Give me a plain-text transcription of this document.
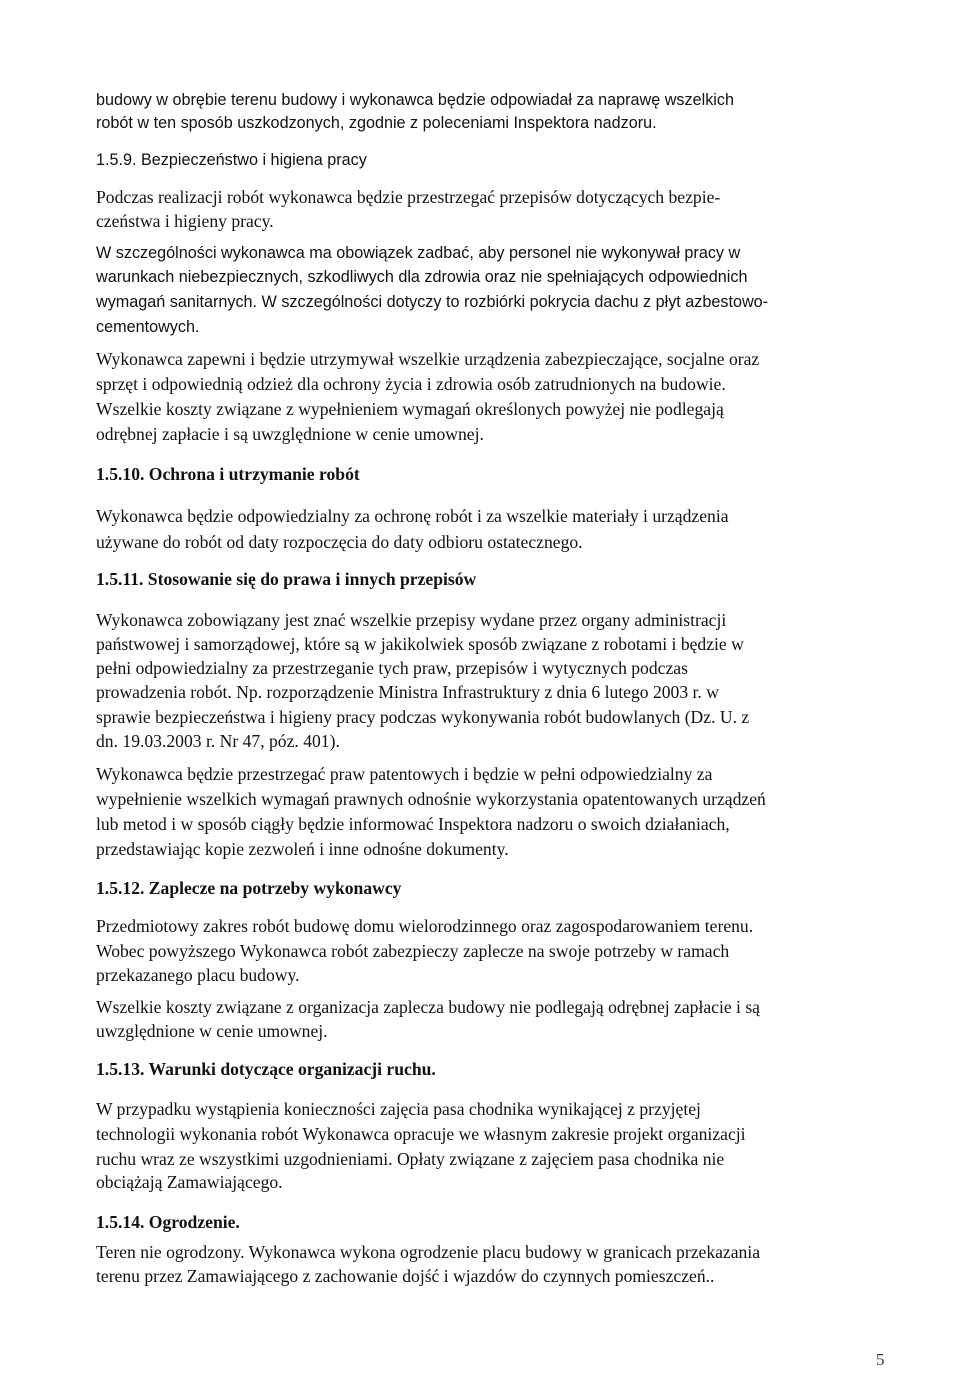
budowy w obrębie terenu budowy i wykonawca będzie odpowiadał za naprawę wszelkich
robót w ten sposób uszkodzonych, zgodnie z poleceniami Inspektora nadzoru.
1.5.9. Bezpieczeństwo i higiena pracy
Podczas realizacji robót wykonawca będzie przestrzegać przepisów dotyczących bezpie-
czeństwa i higieny pracy.
W szczególności wykonawca ma obowiązek zadbać, aby personel nie wykonywał pracy w
warunkach niebezpiecznych, szkodliwych dla zdrowia oraz nie spełniających odpowiednich
wymagań sanitarnych. W szczególności dotyczy to rozbiórki pokrycia dachu z płyt azbestowo-
cementowych.
Wykonawca zapewni i będzie utrzymywał wszelkie urządzenia zabezpieczające, socjalne oraz
sprzęt i odpowiednią odzież dla ochrony życia i zdrowia osób zatrudnionych na budowie.
Wszelkie koszty związane z wypełnieniem wymagań określonych powyżej nie podlegają
odrębnej zapłacie i są uwzględnione w cenie umownej.
1.5.10. Ochrona i utrzymanie robót
Wykonawca będzie odpowiedzialny za ochronę robót i za wszelkie materiały i urządzenia
używane do robót od daty rozpoczęcia do daty odbioru ostatecznego.
1.5.11. Stosowanie się do prawa i innych przepisów
Wykonawca zobowiązany jest znać wszelkie przepisy wydane przez organy administracji
państwowej i samorządowej, które są w jakikolwiek sposób związane z robotami i będzie w
pełni odpowiedzialny za przestrzeganie tych praw, przepisów i wytycznych podczas
prowadzenia robót. Np. rozporządzenie Ministra Infrastruktury z dnia 6 lutego 2003 r. w
sprawie bezpieczeństwa i higieny pracy podczas wykonywania robót budowlanych (Dz. U. z
dn. 19.03.2003 r. Nr 47, póz. 401).
Wykonawca będzie przestrzegać praw patentowych i będzie w pełni odpowiedzialny za
wypełnienie wszelkich wymagań prawnych odnośnie wykorzystania opatentowanych urządzeń
lub metod i w sposób ciągły będzie informować Inspektora nadzoru o swoich działaniach,
przedstawiając kopie zezwoleń i inne odnośne dokumenty.
1.5.12. Zaplecze na potrzeby wykonawcy
Przedmiotowy zakres robót budowę domu wielorodzinnego oraz zagospodarowaniem terenu.
Wobec powyższego Wykonawca robót zabezpieczy zaplecze na swoje potrzeby w ramach
przekazanego placu budowy.
Wszelkie koszty związane z organizacja zaplecza budowy nie podlegają odrębnej zapłacie i są
uwzględnione w cenie umownej.
1.5.13. Warunki dotyczące organizacji ruchu.
W przypadku wystąpienia konieczności zajęcia pasa chodnika wynikającej z przyjętej
technologii wykonania robót Wykonawca opracuje we własnym zakresie projekt organizacji
ruchu wraz ze wszystkimi uzgodnieniami. Opłaty związane z zajęciem pasa chodnika nie
obciążają Zamawiającego.
1.5.14. Ogrodzenie.
Teren nie ogrodzony. Wykonawca wykona ogrodzenie placu budowy w granicach przekazania
terenu przez Zamawiającego z zachowanie dojść i wjazdów do czynnych pomieszczeń..
5
